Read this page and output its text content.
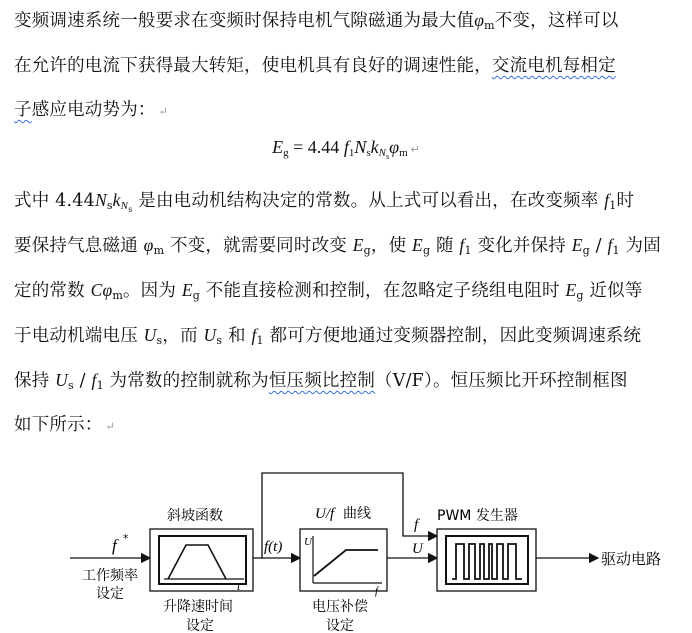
变频调速系统一般要求在变频时保持电机气隙磁通为最大值$\varphi_m$不变，这样可以
在允许的电流下获得最大转矩，使电机具有良好的调速性能，交流电机每相定
子感应电动势为： ↵
$E_g = 4.44$ $f_1N_sk_{Ns}\varphi_m$ ↵
式中 $4.44N_sk_{Ns}$ 是由电动机结构决定的常数。从上式可以看出，在改变频率 $f_1$时
要保持气息磁通 $\varphi_m$ 不变，就需要同时改变 $E_g$，使 $E_g$ 随 $f_1$ 变化并保持 $E_g / f_1$ 为固
定的常数 $C\varphi_m$。因为 $E_g$ 不能直接检测和控制，在忽略定子绕组电阻时 $E_g$ 近似等
于电动机端电压 $U_s$，而 $U_s$ 和 $f_1$ 都可方便地通过变频器控制，因此变频调速系统
保持 $U_s / f_1$ 为常数的控制就称为恒压频比控制（V/F）。恒压频比开环控制框图
如下所示： ↵
f *
工作频率
设定
斜坡函数
t
升降速时间
设定
f(t)
U/f 曲线
U
f
电压补偿
设定
f
U
PWM 发生器
驱动电路
